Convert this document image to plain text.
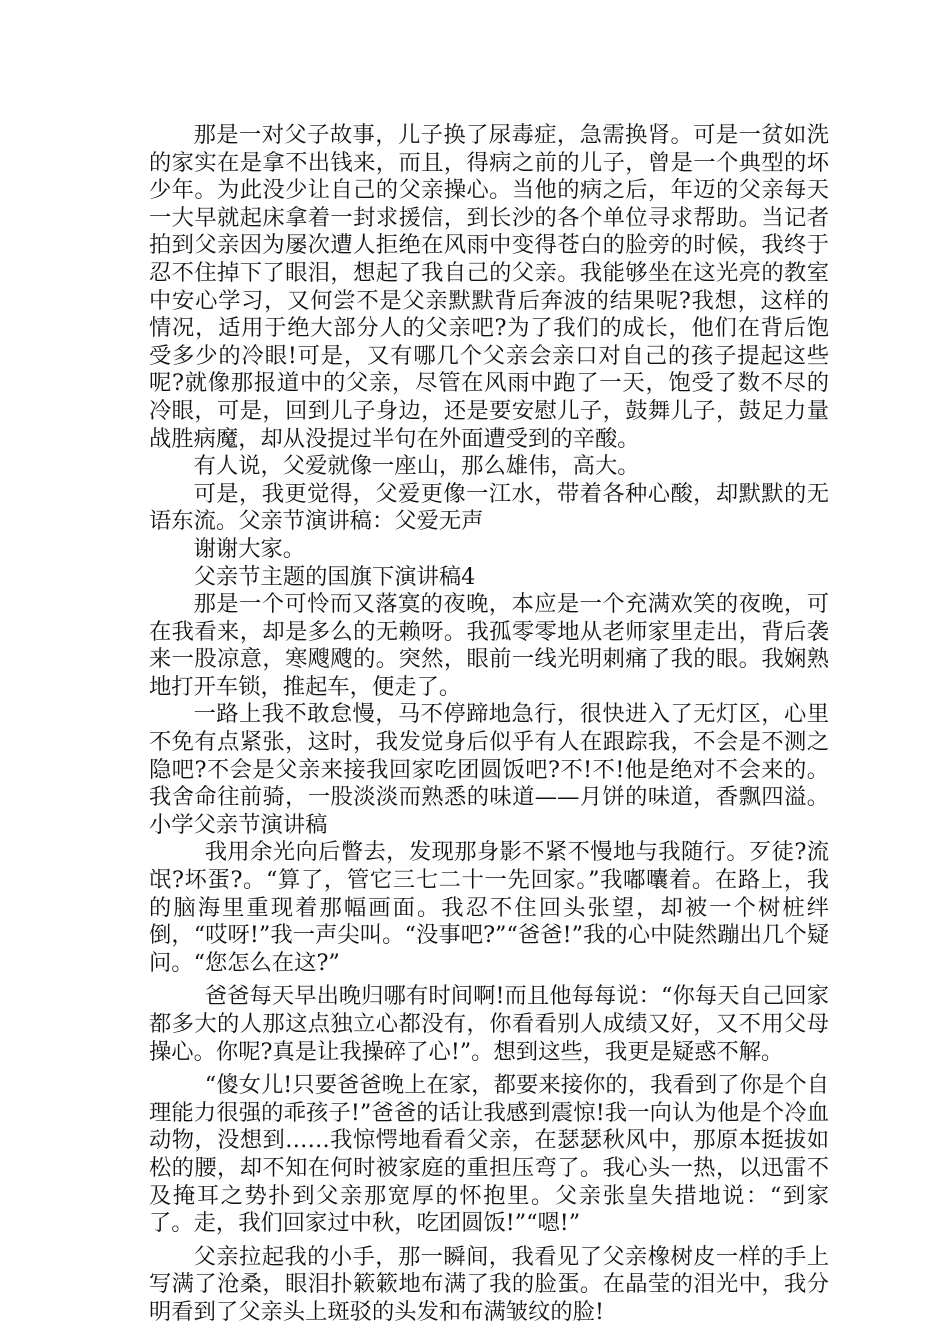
那是一对父子故事，儿子换了尿毒症，急需换肾。可是一贫如洗的家实在是拿不出钱来，而且，得病之前的儿子，曾是一个典型的坏少年。为此没少让自己的父亲操心。当他的病之后，年迈的父亲每天一大早就起床拿着一封求援信，到长沙的各个单位寻求帮助。当记者拍到父亲因为屡次遭人拒绝在风雨中变得苍白的脸旁的时候，我终于忍不住掉下了眼泪，想起了我自己的父亲。我能够坐在这光亮的教室中安心学习，又何尝不是父亲默默背后奔波的结果呢?我想，这样的情况，适用于绝大部分人的父亲吧?为了我们的成长，他们在背后饱受多少的冷眼!可是，又有哪几个父亲会亲口对自己的孩子提起这些呢?就像那报道中的父亲，尽管在风雨中跑了一天，饱受了数不尽的冷眼，可是，回到儿子身边，还是要安慰儿子，鼓舞儿子，鼓足力量战胜病魔，却从没提过半句在外面遭受到的辛酸。

有人说，父爱就像一座山，那么雄伟，高大。

可是，我更觉得，父爱更像一江水，带着各种心酸，却默默的无语东流。父亲节演讲稿：父爱无声

谢谢大家。

父亲节主题的国旗下演讲稿4

那是一个可怜而又落寞的夜晚，本应是一个充满欢笑的夜晚，可在我看来，却是多么的无赖呀。我孤零零地从老师家里走出，背后袭来一股凉意，寒飕飕的。突然，眼前一线光明刺痛了我的眼。我娴熟地打开车锁，推起车，便走了。

一路上我不敢怠慢，马不停蹄地急行，很快进入了无灯区，心里不免有点紧张，这时，我发觉身后似乎有人在跟踪我，不会是不测之隐吧?不会是父亲来接我回家吃团圆饭吧?不!不!他是绝对不会来的。我舍命往前骑，一股淡淡而熟悉的味道——月饼的味道，香飘四溢。小学父亲节演讲稿

我用余光向后瞥去，发现那身影不紧不慢地与我随行。歹徒?流氓?坏蛋?。“算了，管它三七二十一先回家。”我嘟囔着。在路上，我的脑海里重现着那幅画面。我忍不住回头张望，却被一个树桩绊倒，“哎呀!”我一声尖叫。“没事吧?”“爸爸!”我的心中陡然蹦出几个疑问。“您怎么在这?”

爸爸每天早出晚归哪有时间啊!而且他每每说：“你每天自己回家都多大的人那这点独立心都没有，你看看别人成绩又好，又不用父母操心。你呢?真是让我操碎了心!”。想到这些，我更是疑惑不解。

“傻女儿!只要爸爸晚上在家，都要来接你的，我看到了你是个自理能力很强的乖孩子!”爸爸的话让我感到震惊!我一向认为他是个冷血动物，没想到……我惊愕地看看父亲，在瑟瑟秋风中，那原本挺拔如松的腰，却不知在何时被家庭的重担压弯了。我心头一热，以迅雷不及掩耳之势扑到父亲那宽厚的怀抱里。父亲张皇失措地说：“到家了。走，我们回家过中秋，吃团圆饭!”“嗯!”

父亲拉起我的小手，那一瞬间，我看见了父亲橡树皮一样的手上写满了沧桑，眼泪扑簌簌地布满了我的脸蛋。在晶莹的泪光中，我分明看到了父亲头上斑驳的头发和布满皱纹的脸!
